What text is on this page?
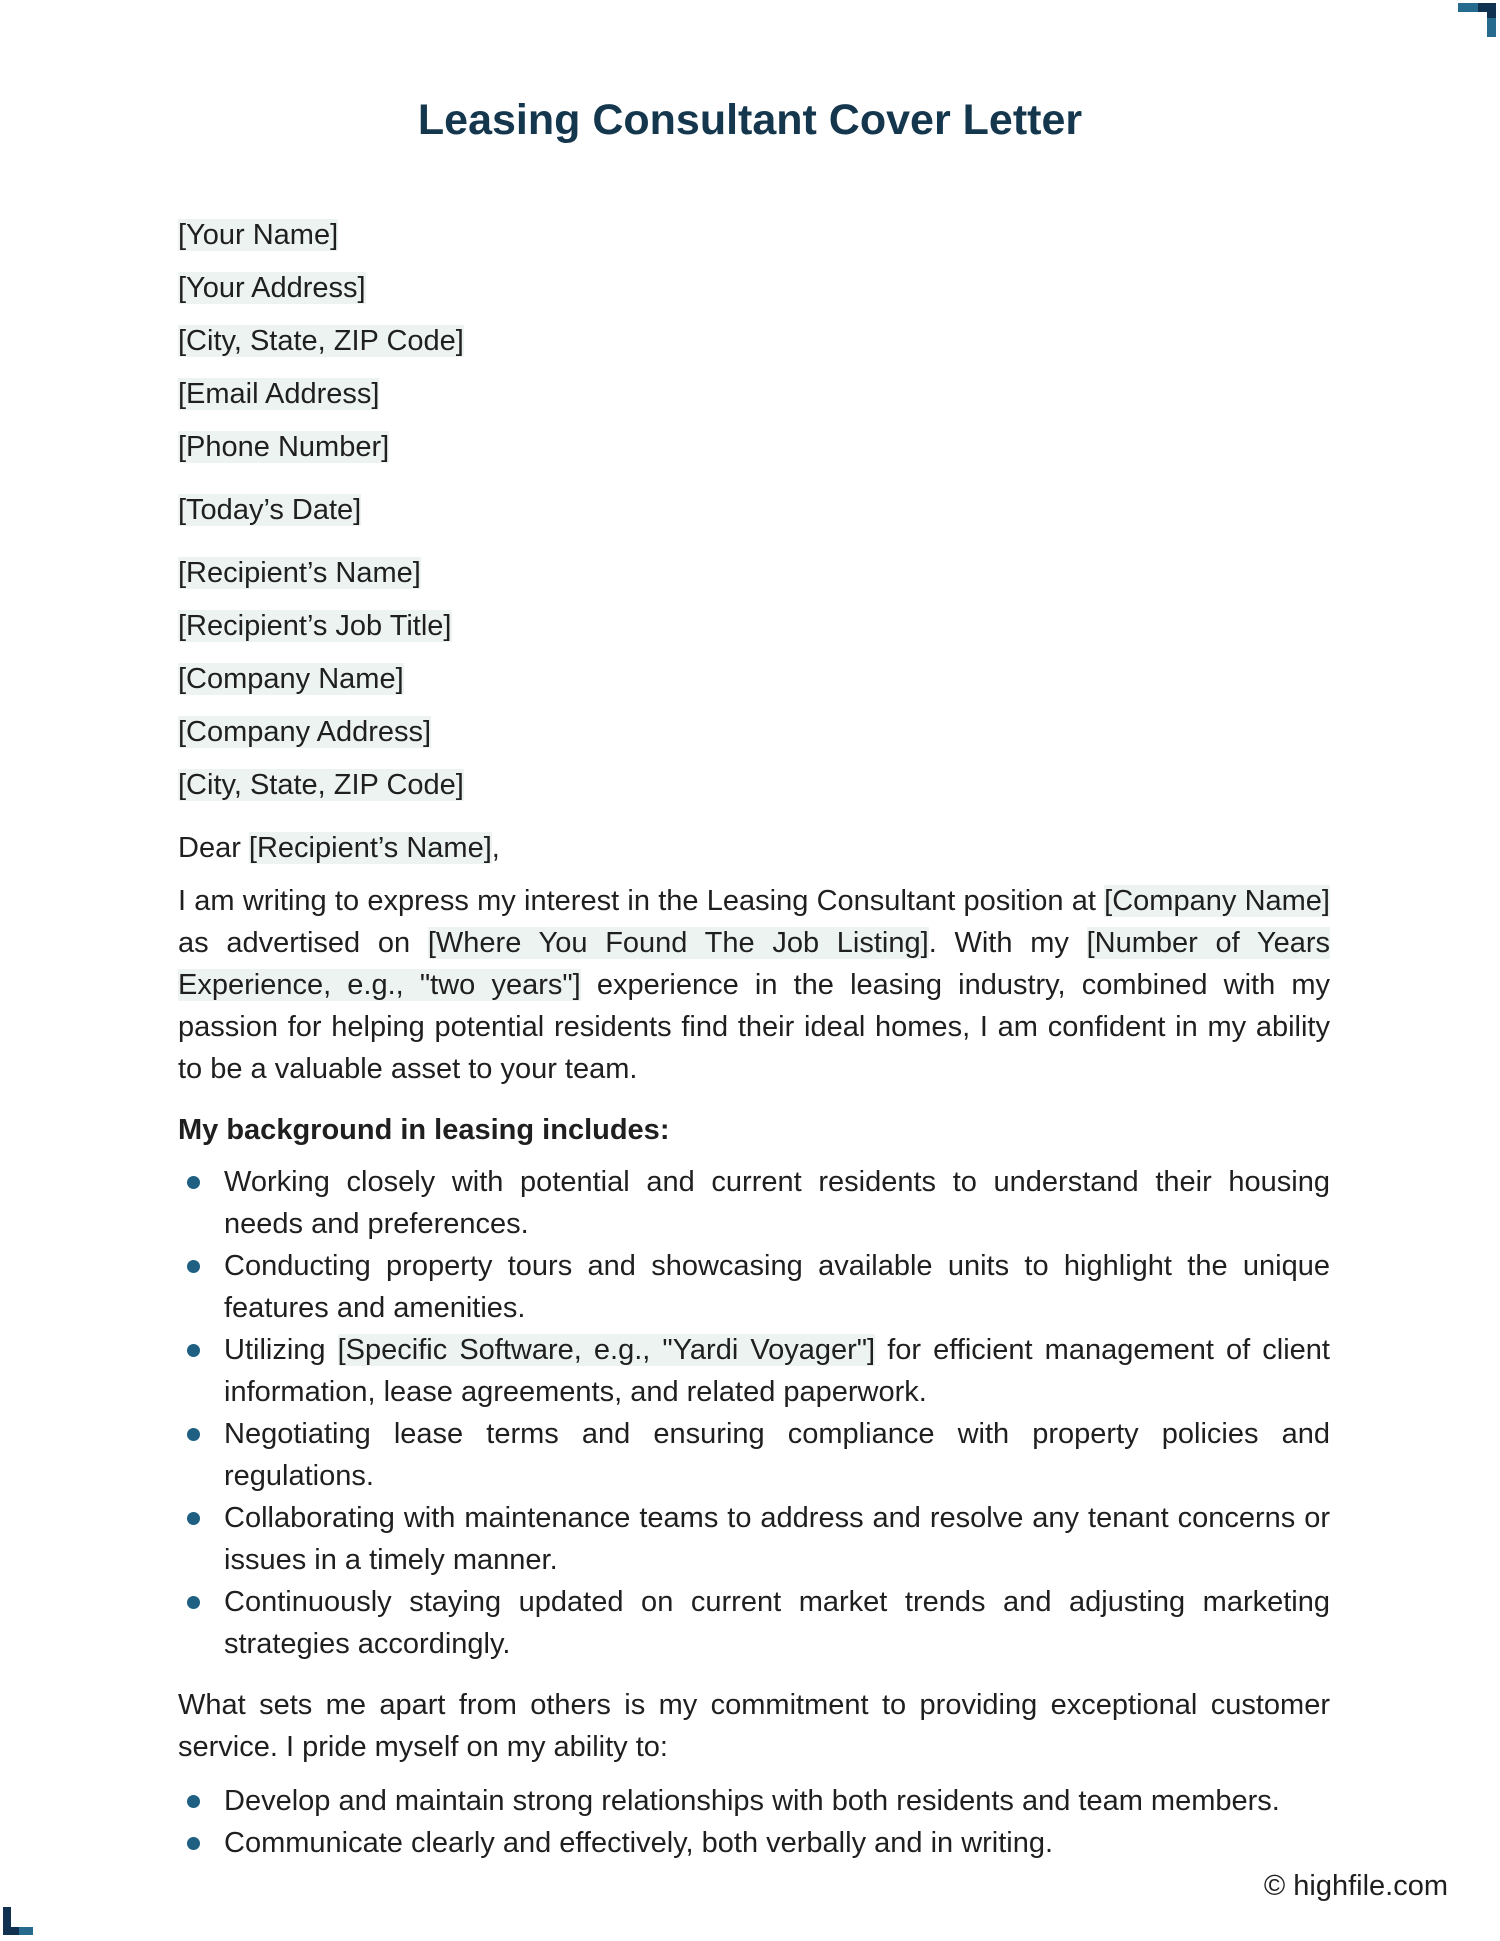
Leasing Consultant Cover Letter

[Your Name]

[Your Address]

[City, State, ZIP Code]

[Email Address]

[Phone Number]

[Today’s Date]

[Recipient’s Name]

[Recipient’s Job Title]

[Company Name]

[Company Address]

[City, State, ZIP Code]

Dear [Recipient’s Name],

I am writing to express my interest in the Leasing Consultant position at [Company Name] as advertised on [Where You Found The Job Listing]. With my [Number of Years Experience, e.g., "two years"] experience in the leasing industry, combined with my passion for helping potential residents find their ideal homes, I am confident in my ability to be a valuable asset to your team.

My background in leasing includes:

Working closely with potential and current residents to understand their housing needs and preferences.
Conducting property tours and showcasing available units to highlight the unique features and amenities.
Utilizing [Specific Software, e.g., "Yardi Voyager"] for efficient management of client information, lease agreements, and related paperwork.
Negotiating lease terms and ensuring compliance with property policies and regulations.
Collaborating with maintenance teams to address and resolve any tenant concerns or issues in a timely manner.
Continuously staying updated on current market trends and adjusting marketing strategies accordingly.

What sets me apart from others is my commitment to providing exceptional customer service. I pride myself on my ability to:

Develop and maintain strong relationships with both residents and team members.
Communicate clearly and effectively, both verbally and in writing.
© highfile.com
